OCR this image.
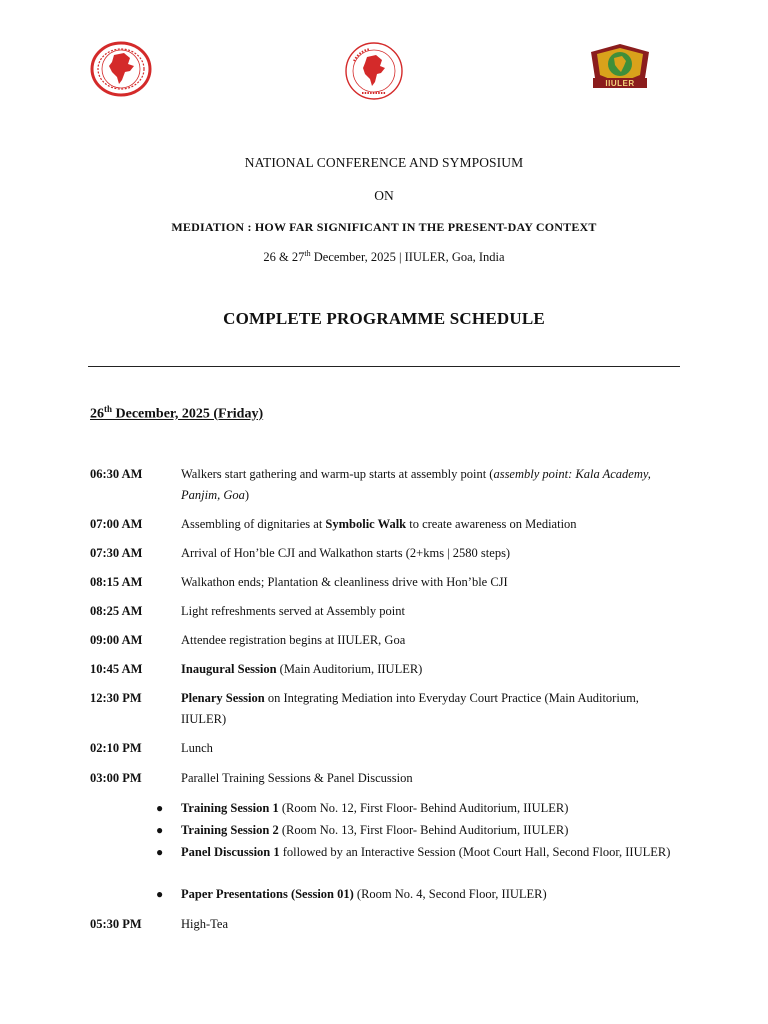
IIULER
NATIONAL CONFERENCE AND SYMPOSIUM
ON
MEDIATION : HOW FAR SIGNIFICANT IN THE PRESENT-DAY CONTEXT
26 & 27th December, 2025 | IIULER, Goa, India
COMPLETE PROGRAMME SCHEDULE
26th December, 2025 (Friday)
06:30 AM	Walkers start gathering and warm-up starts at assembly point (assembly point: Kala Academy, Panjim, Goa)
07:00 AM	Assembling of dignitaries at Symbolic Walk to create awareness on Mediation
07:30 AM	Arrival of Hon’ble CJI and Walkathon starts (2+kms | 2580 steps)
08:15 AM	Walkathon ends; Plantation & cleanliness drive with Hon’ble CJI
08:25 AM	Light refreshments served at Assembly point
09:00 AM	Attendee registration begins at IIULER, Goa
10:45 AM	Inaugural Session (Main Auditorium, IIULER)
12:30 PM	Plenary Session on Integrating Mediation into Everyday Court Practice (Main Auditorium, IIULER)
02:10 PM	Lunch
03:00 PM	Parallel Training Sessions & Panel Discussion
● Training Session 1 (Room No. 12, First Floor- Behind Auditorium, IIULER)
● Training Session 2 (Room No. 13, First Floor- Behind Auditorium, IIULER)
● Panel Discussion 1 followed by an Interactive Session (Moot Court Hall, Second Floor, IIULER)
● Paper Presentations (Session 01) (Room No. 4, Second Floor, IIULER)
05:30 PM	High-Tea
